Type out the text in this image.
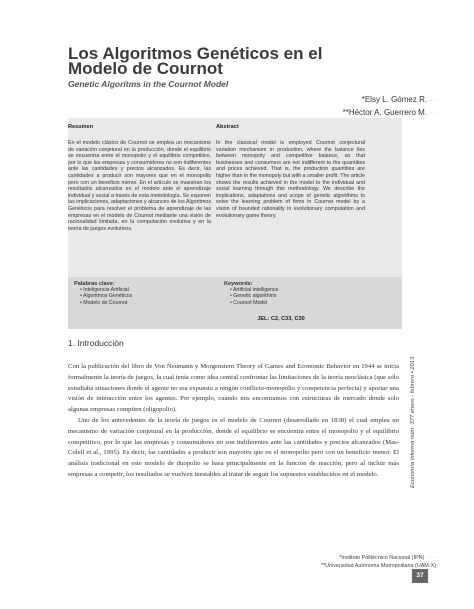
Los Algoritmos Genéticos en el Modelo de Cournot
Genetic Algoritms in the Cournot Model
*Elsy L. Gómez R. ◦ ◦
**Héctor A. Guerrero M. ◦ ◦
Resumen

En el modelo clásico de Cournot se emplea un mecanismo de variación conjetural en la producción, donde el equilibrio se encuentra entre el monopolio y el equilibrio competitivo, por lo que las empresas y consumidores no son indiferentes ante las cantidades y precios alcanzados. Es decir, las cantidades a producir son mayores que en el monopolio pero con un beneficio menor. En el artículo se muestran los resultados alcanzados en el modelo ante el aprendizaje individual y social a través de esta metodología. Se exponen las implicaciones, adaptaciones y alcances de los Algoritmos Genéticos para resolver el problema de aprendizaje de las empresas en el modelo de Cournot mediante una visión de racionalidad limitada, en la computación evolutiva y en la teoría de juegos evolutivos.

Abstract

In the classical model is employed Cournot conjectural variation mechanism in production, where the balance lies between monopoly and competitive balance, so that businesses and consumers are not indifferent to the quantities and prices achieved. That is, the production quantities are higher than in the monopoly but with a smaller profit. The article shows the results achieved in the model to the individual and social learning through this methodology. We describe the implications, adaptations and scope of genetic algorithms to solve the learning problem of firms in Cournot model by a vision of bounded rationality in evolutionary computation and evolutionary game theory.

Palabras clave:
• Inteligencia Artificial
• Algoritmos Genéticos
• Modelo de Cournot
Keywords:
• Artificial intelligence
• Genetic algorithms
• Cournot Model
JEL: C2, C33, C30
1. Introducción

Con la publicación del libro de Von Neumann y Morgenstern Theory of Games and Economic Behavior en 1944 se inicia formalmente la teoría de juegos, la cual tenía como idea central confrontar las limitaciones de la teoría neoclásica (que sólo estudiaba situaciones donde el agente no era expuesto a ningún conflicto-monopolio y competencia perfecta) y aportar una visión de interacción entre los agentes. Por ejemplo, cuando nos encontramos con estructuras de mercado donde solo algunas empresas compiten (oligopolio).

Uno de los antecedentes de la teoría de juegos es el modelo de Cournot (desarrollado en 1838) el cual emplea un mecanismo de variación conjetural en la producción, donde el equilibrio se encuentra entre el monopolio y el equilibrio competitivo, por lo que las empresas y consumidores no son indiferentes ante las cantidades y precios alcanzados (Mas-Colell et al., 1995). Es decir, las cantidades a producir son mayores que en el monopolio pero con un beneficio menor. El análisis tradicional en este modelo de duopolio se basa principalmente en la función de reacción, pero al incluir más empresas a competir, los resultados se vuelven inestables al tratar de seguir los supuestos establecidos en el modelo.

*Instituto Politécnico Nacional (IPN) ◦ ◦ ◦
**Universidad Autónoma Metropolitana (UAM-X)
Economía Informa núm. 377 enero - febrero • 2013
37
